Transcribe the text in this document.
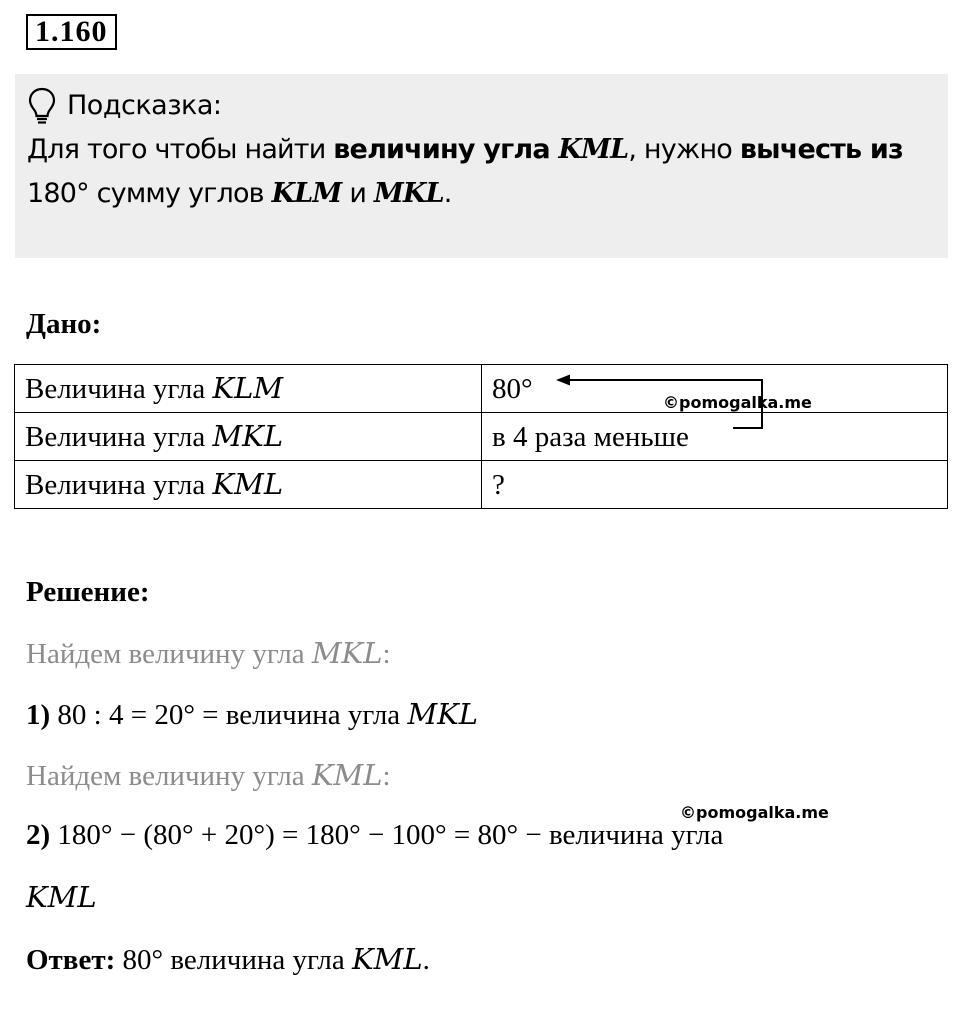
1.160
Подсказка:
Для того чтобы найти величину угла KML, нужно вычесть из
180° сумму углов KLM и MKL.
Дано:
Величина угла KLM	80°
Величина угла MKL	в 4 раза меньше
Величина угла KML	?
©pomogalka.me
Решение:
Найдем величину угла MKL:
1) 80 : 4 = 20° = величина угла MKL
Найдем величину угла KML:
©pomogalka.me
2) 180° − (80° + 20°) = 180° − 100° = 80° − величина угла
KML
Ответ: 80° величина угла KML.
